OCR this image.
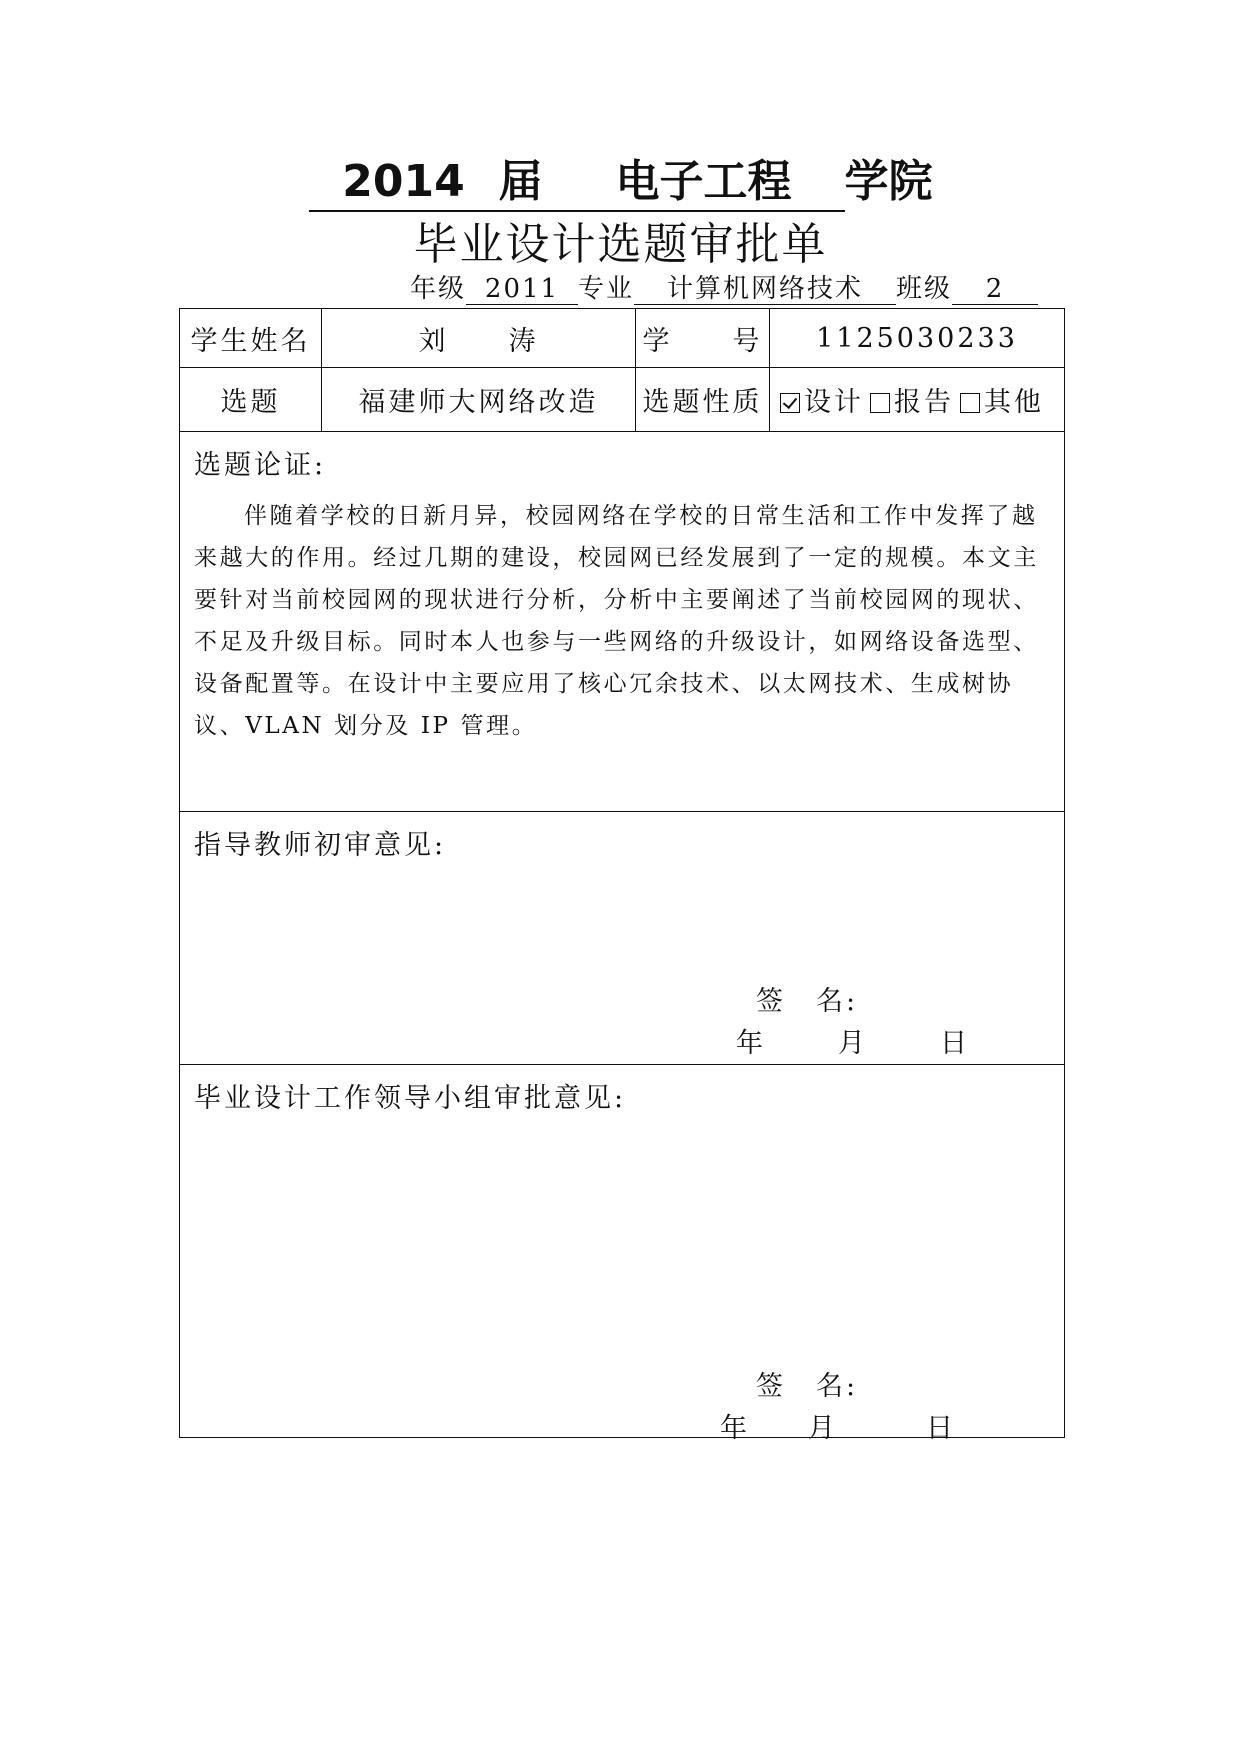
2014 届 电子工程 学院
毕业设计选题审批单
年级 2011 专业 计算机网络技术 班级 2
学生姓名	刘　　涛	学　　号	1125030233
选题	福建师大网络改造	选题性质	设计	报告	其他
选题论证:

伴随着学校的日新月异，校园网络在学校的日常生活和工作中发挥了越来越大的作用。经过几期的建设，校园网已经发展到了一定的规模。本文主要针对当前校园网的现状进行分析，分析中主要阐述了当前校园网的现状、不足及升级目标。同时本人也参与一些网络的升级设计，如网络设备选型、设备配置等。在设计中主要应用了核心冗余技术、以太网技术、生成树协议、VLAN 划分及 IP 管理。

指导教师初审意见:
签　名:
年	月	日
毕业设计工作领导小组审批意见:
签　名:
年 月	日
